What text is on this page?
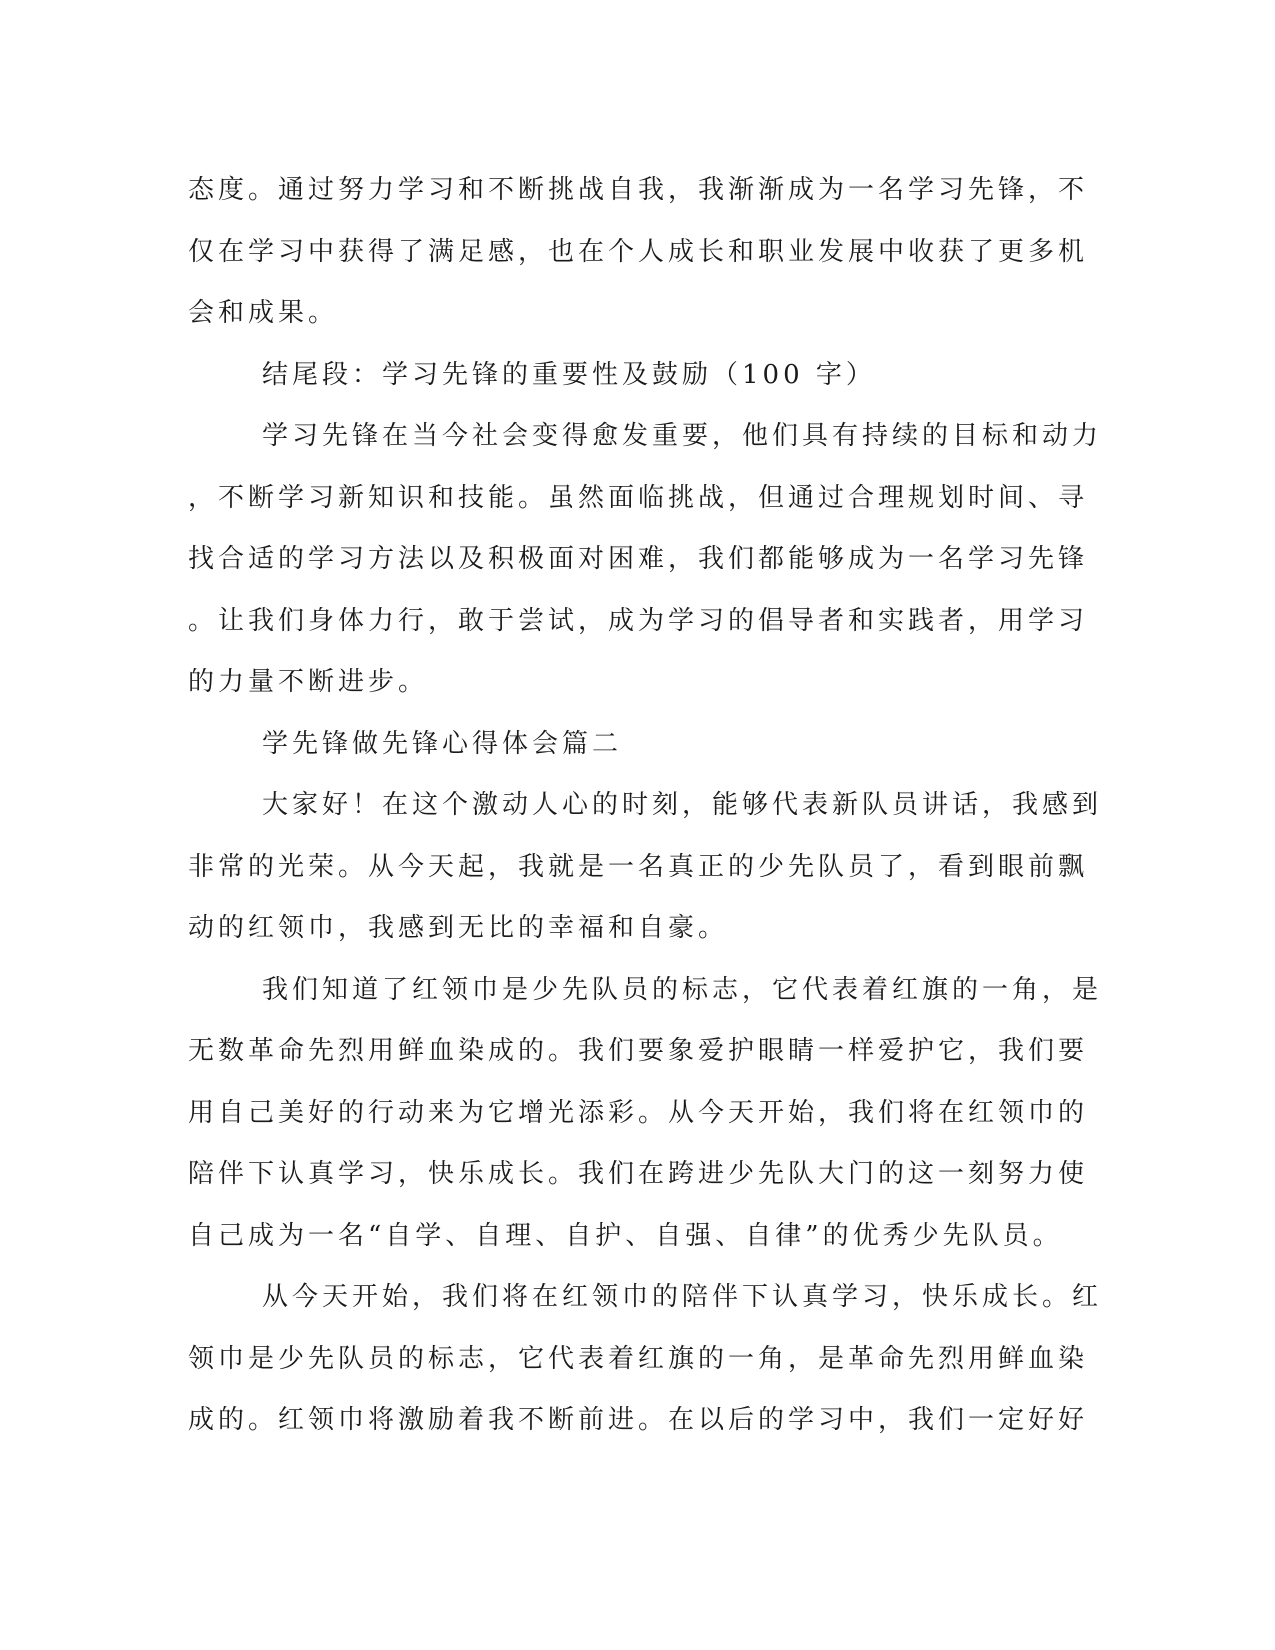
态度。通过努力学习和不断挑战自我，我渐渐成为一名学习先锋，不
仅在学习中获得了满足感，也在个人成长和职业发展中收获了更多机
会和成果。
结尾段：学习先锋的重要性及鼓励（100 字）
学习先锋在当今社会变得愈发重要，他们具有持续的目标和动力
，不断学习新知识和技能。虽然面临挑战，但通过合理规划时间、寻
找合适的学习方法以及积极面对困难，我们都能够成为一名学习先锋
。让我们身体力行，敢于尝试，成为学习的倡导者和实践者，用学习
的力量不断进步。
学先锋做先锋心得体会篇二
大家好！在这个激动人心的时刻，能够代表新队员讲话，我感到
非常的光荣。从今天起，我就是一名真正的少先队员了，看到眼前飘
动的红领巾，我感到无比的幸福和自豪。
我们知道了红领巾是少先队员的标志，它代表着红旗的一角，是
无数革命先烈用鲜血染成的。我们要象爱护眼睛一样爱护它，我们要
用自己美好的行动来为它增光添彩。从今天开始，我们将在红领巾的
陪伴下认真学习，快乐成长。我们在跨进少先队大门的这一刻努力使
自己成为一名“自学、自理、自护、自强、自律”的优秀少先队员。
从今天开始，我们将在红领巾的陪伴下认真学习，快乐成长。红
领巾是少先队员的标志，它代表着红旗的一角，是革命先烈用鲜血染
成的。红领巾将激励着我不断前进。在以后的学习中，我们一定好好
